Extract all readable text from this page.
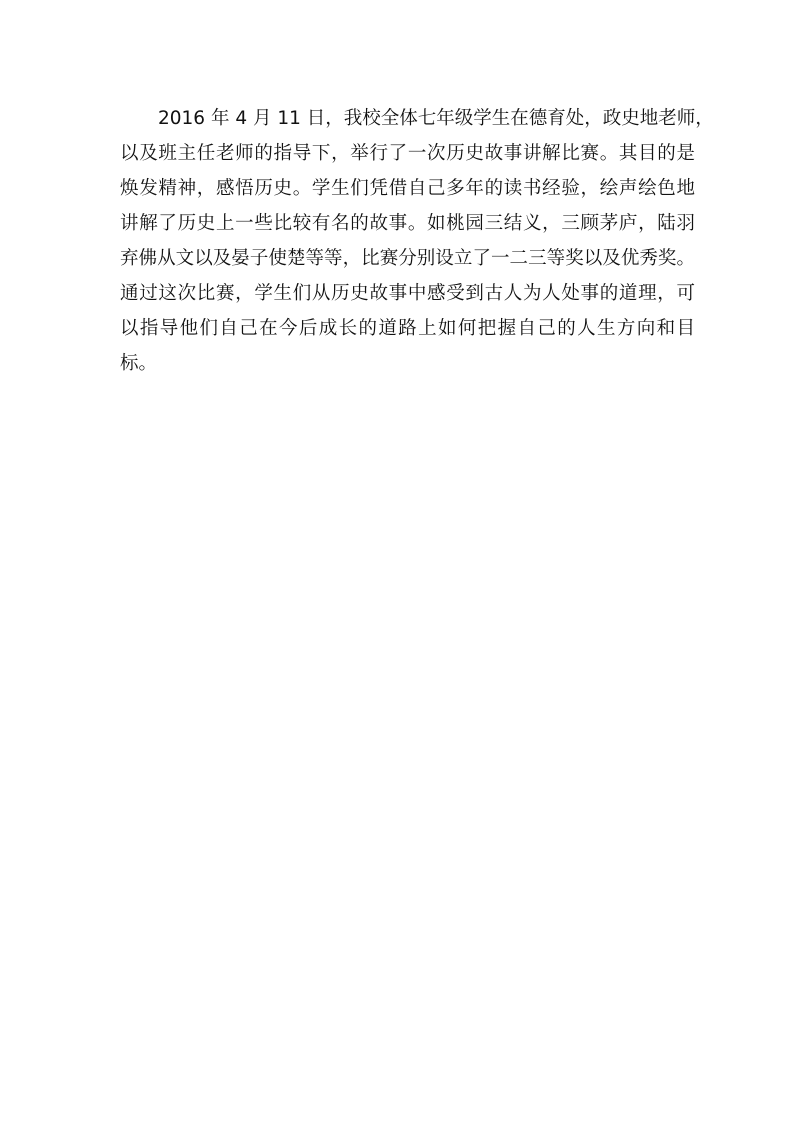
2016 年 4 月 11 日，我校全体七年级学生在德育处，政史地老师，
以及班主任老师的指导下，举行了一次历史故事讲解比赛。其目的是
焕发精神，感悟历史。学生们凭借自己多年的读书经验，绘声绘色地
讲解了历史上一些比较有名的故事。如桃园三结义，三顾茅庐，陆羽
弃佛从文以及晏子使楚等等，比赛分别设立了一二三等奖以及优秀奖。
通过这次比赛，学生们从历史故事中感受到古人为人处事的道理，可
以指导他们自己在今后成长的道路上如何把握自己的人生方向和目
标。
